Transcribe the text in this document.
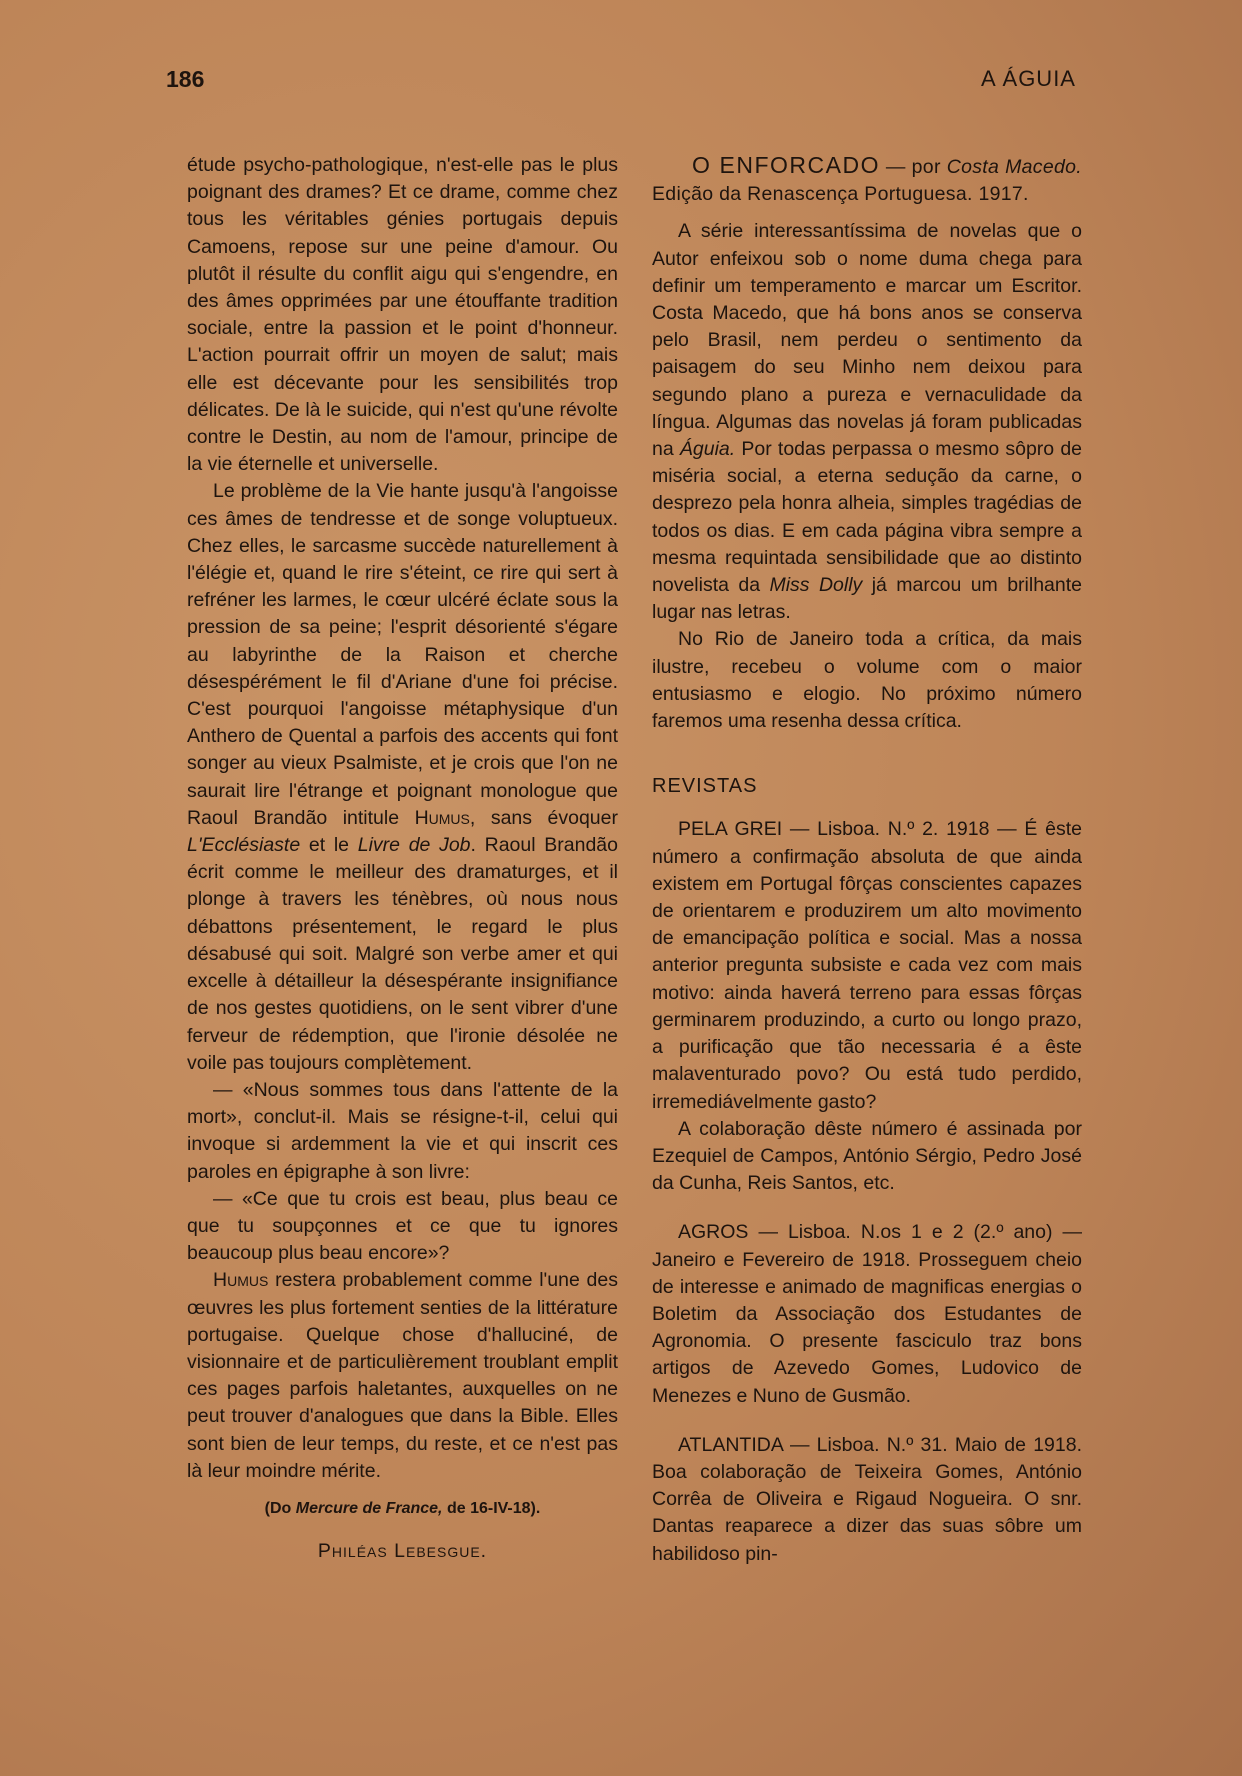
186	A ÁGUIA

étude psycho-pathologique, n'est-elle pas le plus poignant des drames? Et ce drame, comme chez tous les véritables génies portugais depuis Camoens, repose sur une peine d'amour. Ou plutôt il résulte du conflit aigu qui s'engendre, en des âmes opprimées par une étouffante tradition sociale, entre la passion et le point d'honneur. L'action pourrait offrir un moyen de salut; mais elle est décevante pour les sensibilités trop délicates. De là le suicide, qui n'est qu'une révolte contre le Destin, au nom de l'amour, principe de la vie éternelle et universelle.

Le problème de la Vie hante jusqu'à l'angoisse ces âmes de tendresse et de songe voluptueux. Chez elles, le sarcasme succède naturellement à l'élégie et, quand le rire s'éteint, ce rire qui sert à refréner les larmes, le cœur ulcéré éclate sous la pression de sa peine; l'esprit désorienté s'égare au labyrinthe de la Raison et cherche désespérément le fil d'Ariane d'une foi précise. C'est pourquoi l'angoisse métaphysique d'un Anthero de Quental a parfois des accents qui font songer au vieux Psalmiste, et je crois que l'on ne saurait lire l'étrange et poignant monologue que Raoul Brandão intitule Humus, sans évoquer L'Ecclésiaste et le Livre de Job. Raoul Brandão écrit comme le meilleur des dramaturges, et il plonge à travers les ténèbres, où nous nous débattons présentement, le regard le plus désabusé qui soit. Malgré son verbe amer et qui excelle à détailleur la désespérante insignifiance de nos gestes quotidiens, on le sent vibrer d'une ferveur de rédemption, que l'ironie désolée ne voile pas toujours complètement.

— «Nous sommes tous dans l'attente de la mort», conclut-il. Mais se résigne-t-il, celui qui invoque si ardemment la vie et qui inscrit ces paroles en épigraphe à son livre:

— «Ce que tu crois est beau, plus beau ce que tu soupçonnes et ce que tu ignores beaucoup plus beau encore»?

Humus restera probablement comme l'une des œuvres les plus fortement senties de la littérature portugaise. Quelque chose d'halluciné, de visionnaire et de particulièrement troublant emplit ces pages parfois haletantes, auxquelles on ne peut trouver d'analogues que dans la Bible. Elles sont bien de leur temps, du reste, et ce n'est pas là leur moindre mérite.

(Do Mercure de France, de 16-IV-18).

Philéas Lebesgue.

O ENFORCADO — por Costa Macedo. Edição da Renascença Portuguesa. 1917.

A série interessantíssima de novelas que o Autor enfeixou sob o nome duma chega para definir um temperamento e marcar um Escritor. Costa Macedo, que há bons anos se conserva pelo Brasil, nem perdeu o sentimento da paisagem do seu Minho nem deixou para segundo plano a pureza e vernaculidade da língua. Algumas das novelas já foram publicadas na Águia. Por todas perpassa o mesmo sôpro de miséria social, a eterna sedução da carne, o desprezo pela honra alheia, simples tragédias de todos os dias. E em cada página vibra sempre a mesma requintada sensibilidade que ao distinto novelista da Miss Dolly já marcou um brilhante lugar nas letras.

No Rio de Janeiro toda a crítica, da mais ilustre, recebeu o volume com o maior entusiasmo e elogio. No próximo número faremos uma resenha dessa crítica.

REVISTAS

PELA GREI — Lisboa. N.º 2. 1918 — É êste número a confirmação absoluta de que ainda existem em Portugal fôrças conscientes capazes de orientarem e produzirem um alto movimento de emancipação política e social. Mas a nossa anterior pregunta subsiste e cada vez com mais motivo: ainda haverá terreno para essas fôrças germinarem produzindo, a curto ou longo prazo, a purificação que tão necessaria é a êste malaventurado povo? Ou está tudo perdido, irremediávelmente gasto?

A colaboração dêste número é assinada por Ezequiel de Campos, António Sérgio, Pedro José da Cunha, Reis Santos, etc.

AGROS — Lisboa. N.os 1 e 2 (2.º ano) — Janeiro e Fevereiro de 1918. Prosseguem cheio de interesse e animado de magnificas energias o Boletim da Associação dos Estudantes de Agronomia. O presente fasciculo traz bons artigos de Azevedo Gomes, Ludovico de Menezes e Nuno de Gusmão.

ATLANTIDA — Lisboa. N.º 31. Maio de 1918. Boa colaboração de Teixeira Gomes, António Corrêa de Oliveira e Rigaud Nogueira. O snr. Dantas reaparece a dizer das suas sôbre um habilidoso pin-
